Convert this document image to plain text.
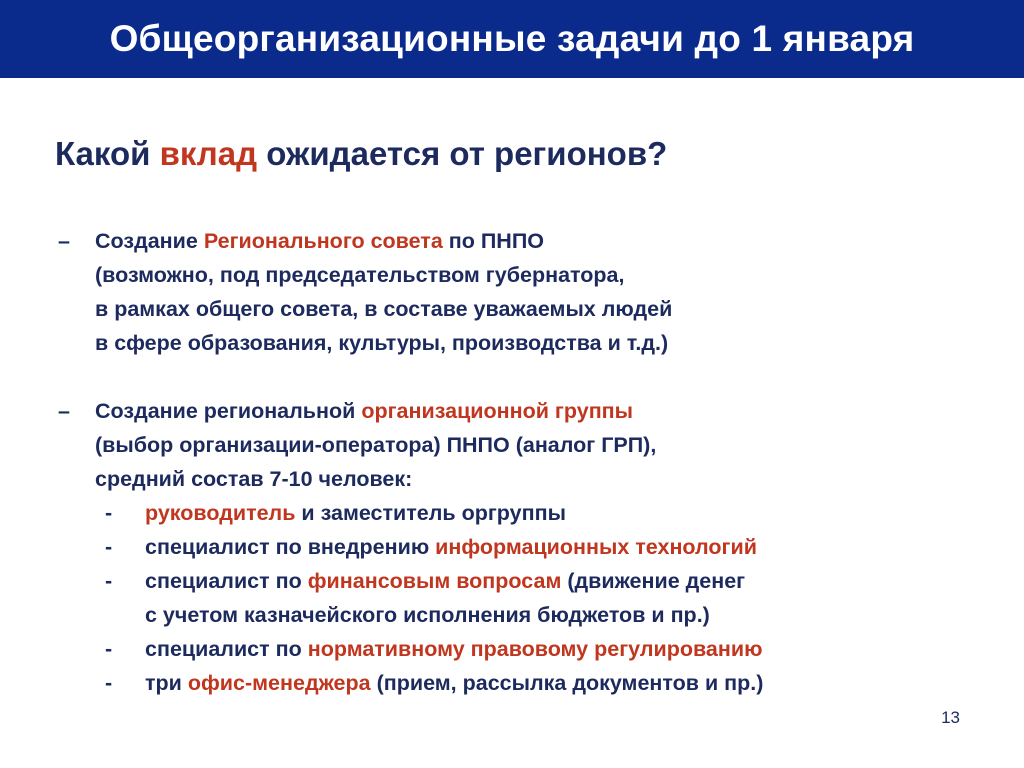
Общеорганизационные задачи до 1 января
Какой вклад ожидается от регионов?
– Создание Регионального совета по ПНПО
(возможно, под председательством губернатора,
в рамках общего совета, в составе уважаемых людей
в сфере образования, культуры, производства и т.д.)
– Создание региональной организационной группы
(выбор организации-оператора) ПНПО (аналог ГРП),
средний состав 7-10 человек:
- руководитель и заместитель оргруппы
- специалист по внедрению информационных технологий
- специалист по финансовым вопросам (движение денег
с учетом казначейского исполнения бюджетов и пр.)
- специалист по нормативному правовому регулированию
- три офис-менеджера (прием, рассылка документов и пр.)
13
